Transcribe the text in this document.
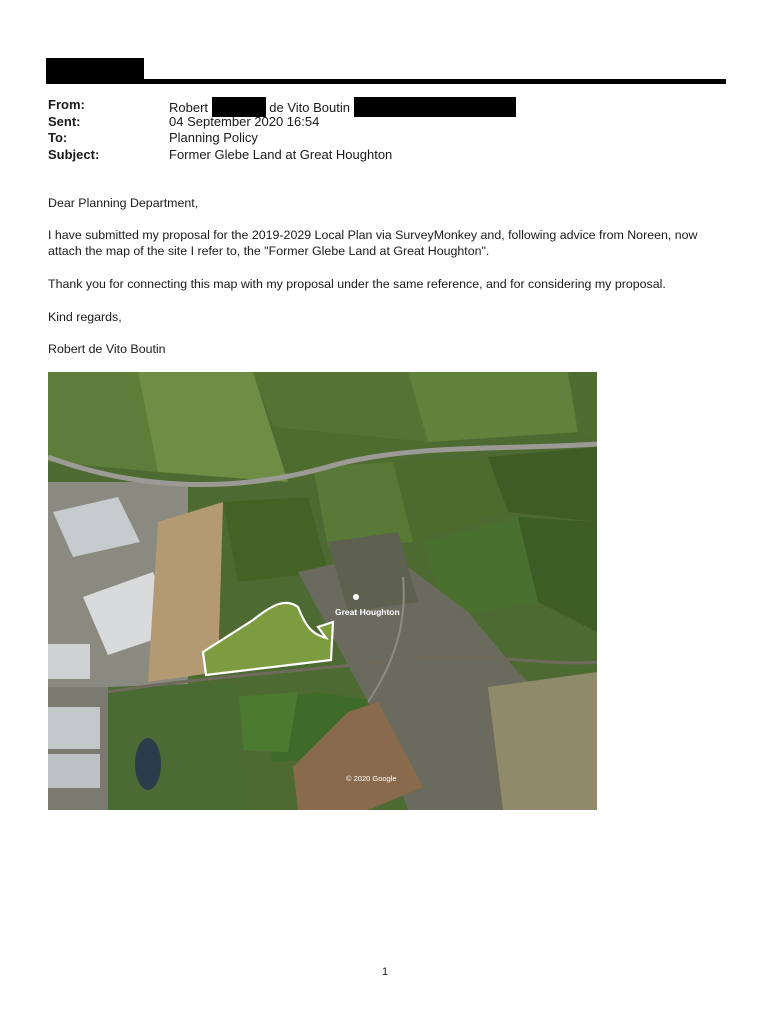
From:	Robert	de Vito Boutin
Sent:	04 September 2020 16:54
To:	Planning Policy
Subject:	Former Glebe Land at Great Houghton
Dear Planning Department,
I have submitted my proposal for the 2019-2029 Local Plan via SurveyMonkey and, following advice from Noreen, now attach the map of the site I refer to, the "Former Glebe Land at Great Houghton".
Thank you for connecting this map with my proposal under the same reference, and for considering my proposal.
Kind regards,
Robert de Vito Boutin
Great Houghton
© 2020 Google
1
